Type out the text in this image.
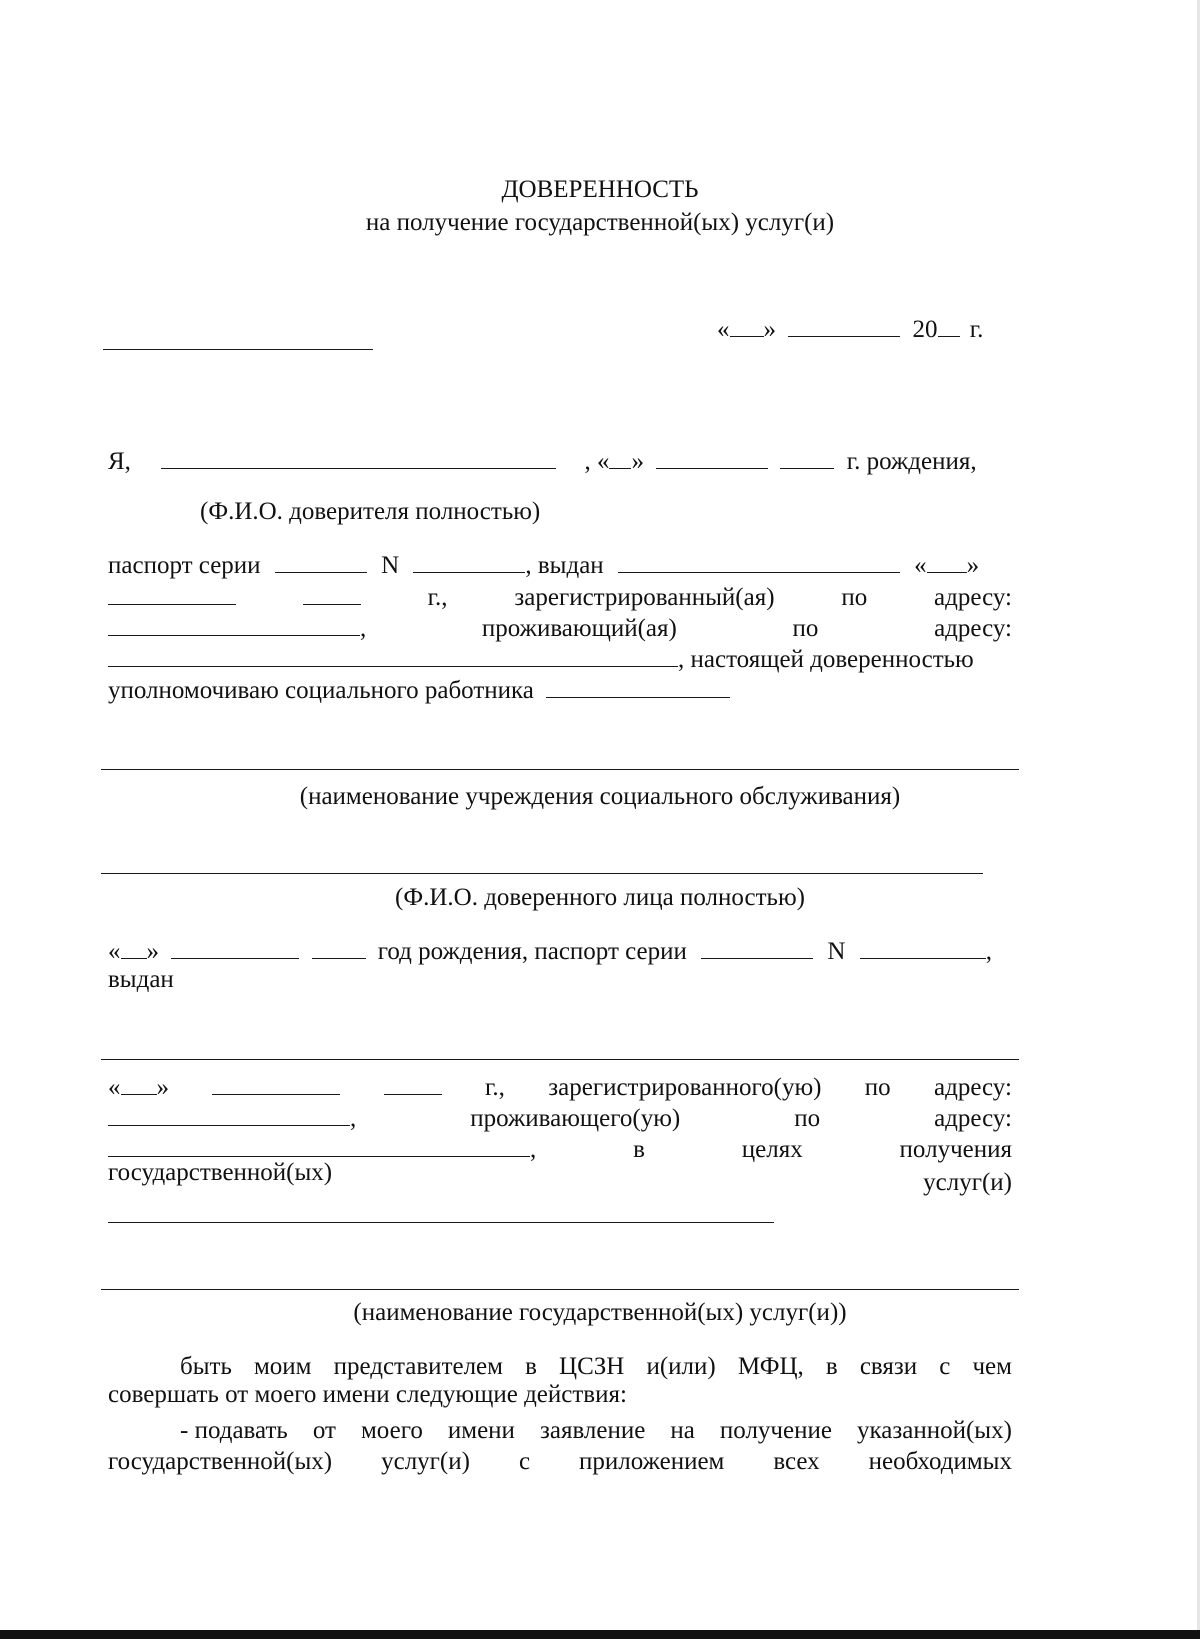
ДОВЕРЕННОСТЬ
на получение государственной(ых) услуг(и)
« »	20 г.
Я,	, « »	г. рождения,
(Ф.И.О. доверителя полностью)
паспорт серии	N	, выдан	« »
г.,	зарегистрированный(ая)	по	адресу:
,	проживающий(ая)	по	адресу:
, настоящей доверенностью
уполномочиваю социального работника
(наименование учреждения социального обслуживания)
(Ф.И.О. доверенного лица полностью)
« »	год рождения, паспорт серии	N	,
выдан
« »	г., зарегистрированного(ую) по адресу:
,	проживающего(ую)	по	адресу:
,	в	целях	получения
государственной(ых)	услуг(и)
(наименование государственной(ых) услуг(и))
быть моим представителем в ЦСЗН и(или) МФЦ, в связи с чем
совершать от моего имени следующие действия:
- подавать от моего имени заявление на получение указанной(ых)
государственной(ых) услуг(и) с приложением всех необходимых
